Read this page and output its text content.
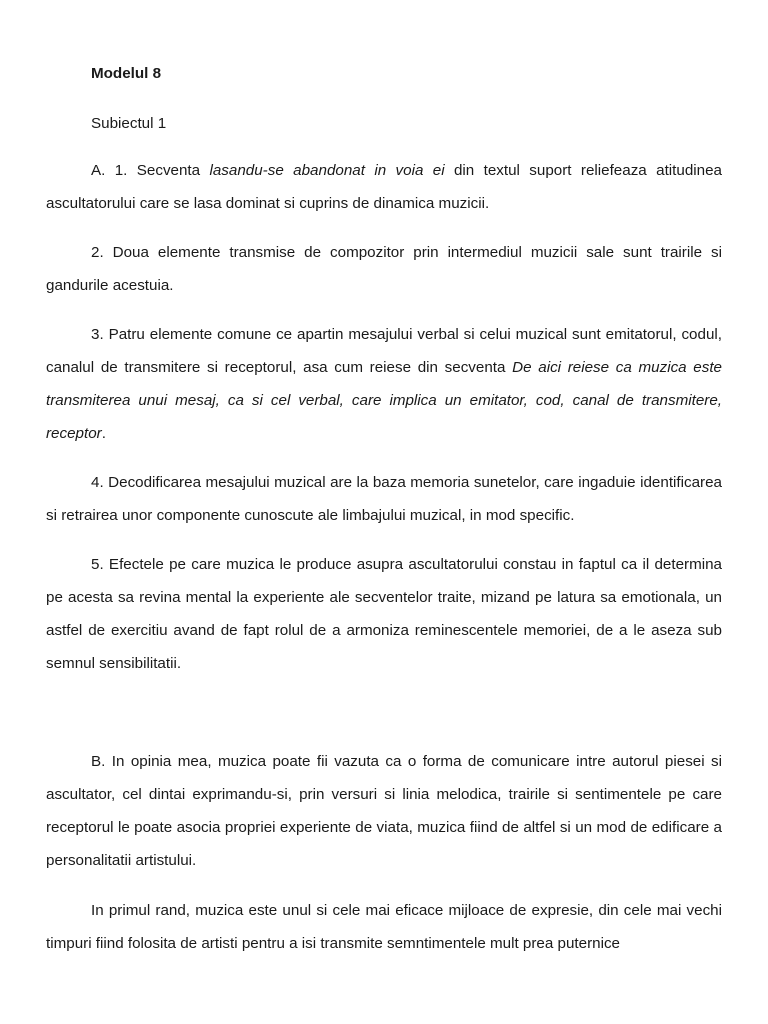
Modelul 8

Subiectul 1

A. 1. Secventa lasandu-se abandonat in voia ei din textul suport reliefeaza atitudinea ascultatorului care se lasa dominat si cuprins de dinamica muzicii.

2. Doua elemente transmise de compozitor prin intermediul muzicii sale sunt trairile si gandurile acestuia.

3. Patru elemente comune ce apartin mesajului verbal si celui muzical sunt emitatorul, codul, canalul de transmitere si receptorul, asa cum reiese din secventa De aici reiese ca muzica este transmiterea unui mesaj, ca si cel verbal, care implica un emitator, cod, canal de transmitere, receptor.

4. Decodificarea mesajului muzical are la baza memoria sunetelor, care ingaduie identificarea si retrairea unor componente cunoscute ale limbajului muzical, in mod specific.

5. Efectele pe care muzica le produce asupra ascultatorului constau in faptul ca il determina pe acesta sa revina mental la experiente ale secventelor traite, mizand pe latura sa emotionala, un astfel de exercitiu avand de fapt rolul de a armoniza reminescentele memoriei, de a le aseza sub semnul sensibilitatii.

B. In opinia mea, muzica poate fii vazuta ca o forma de comunicare intre autorul piesei si ascultator, cel dintai exprimandu-si, prin versuri si linia melodica, trairile si sentimentele pe care receptorul le poate asocia propriei experiente de viata, muzica fiind de altfel si un mod de edificare a personalitatii artistului.

In primul rand, muzica este unul si cele mai eficace mijloace de expresie, din cele mai vechi timpuri fiind folosita de artisti pentru a isi transmite semntimentele mult prea puternice
